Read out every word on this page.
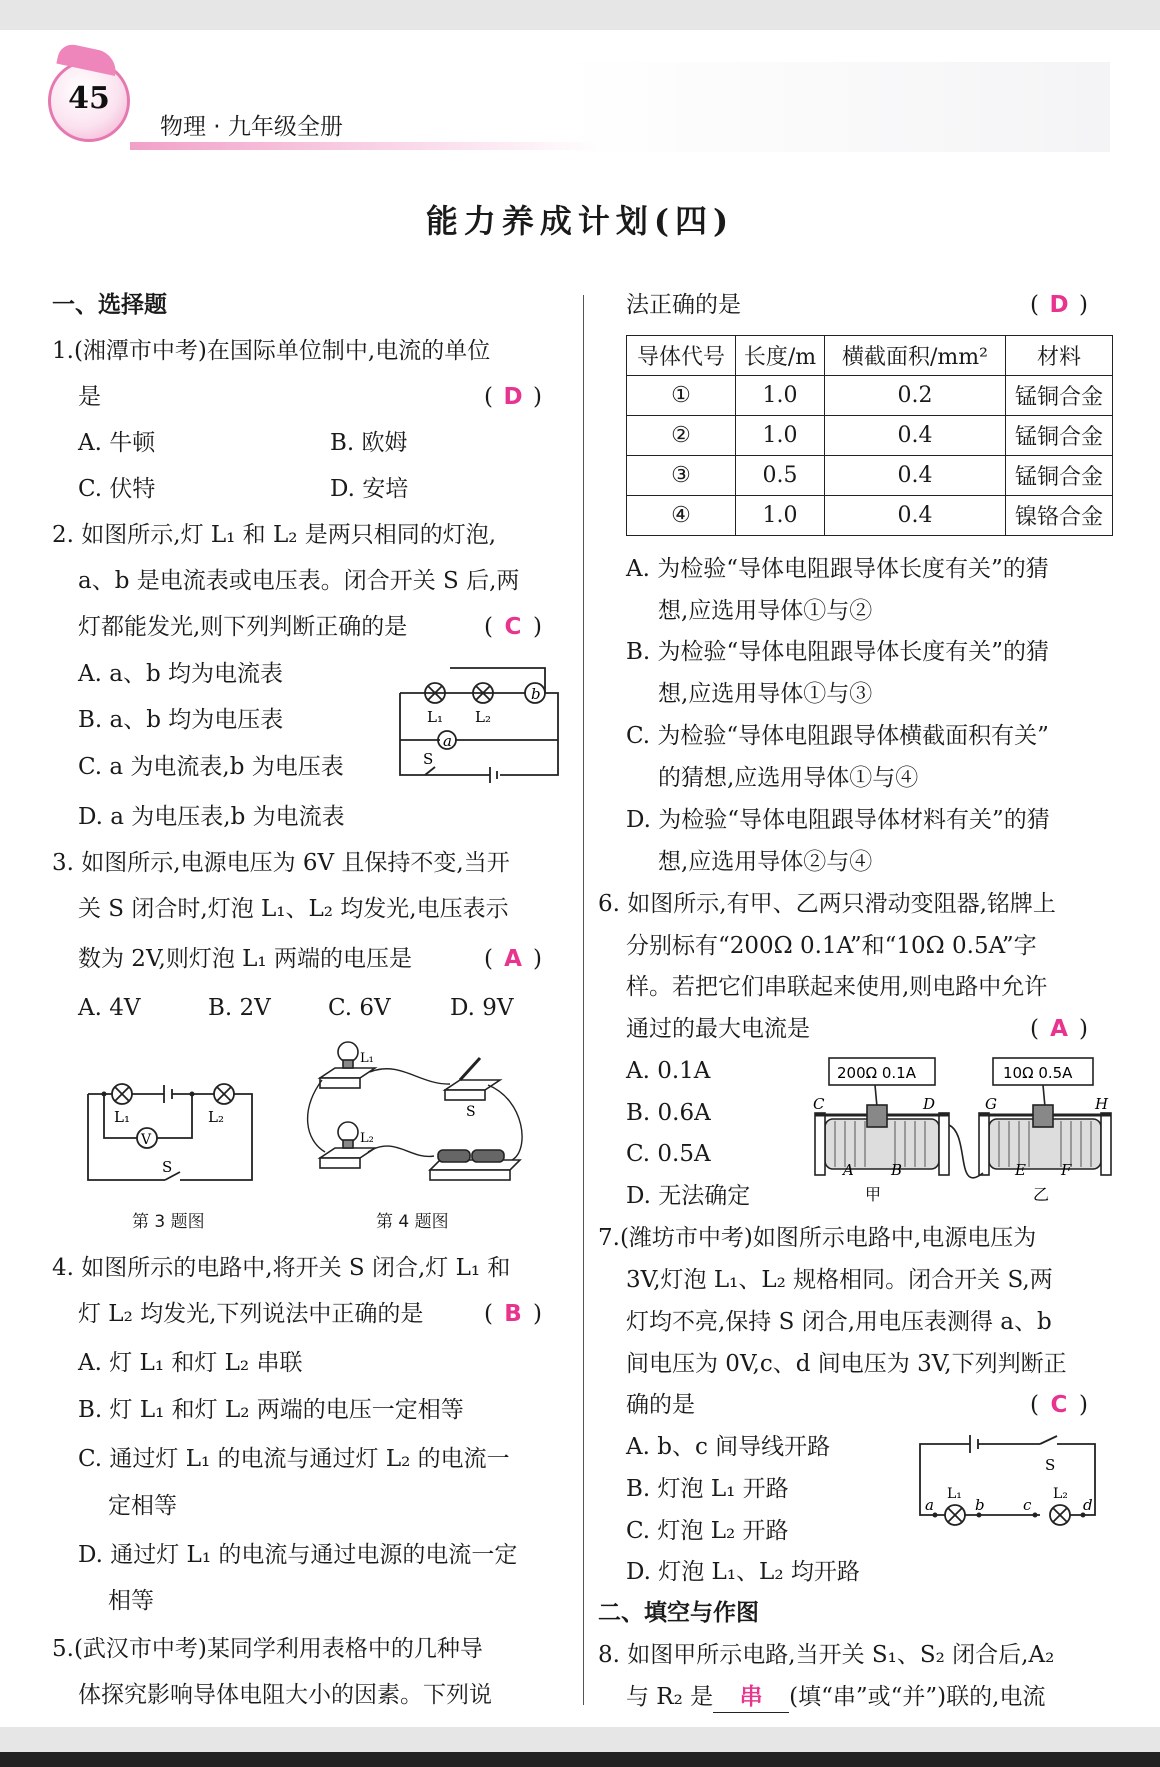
45
物理 · 九年级全册
能力养成计划(四)
一、选择题
1.(湘潭市中考)在国际单位制中,电流的单位
是	( D )
A. 牛顿	B. 欧姆
C. 伏特	D. 安培
2. 如图所示,灯 L₁ 和 L₂ 是两只相同的灯泡,
a、b 是电流表或电压表。闭合开关 S 后,两
灯都能发光,则下列判断正确的是	( C )
A. a、b 均为电流表
B. a、b 均为电压表
C. a 为电流表,b 为电压表
D. a 为电压表,b 为电流表
b
a
L₁ L₂
S
3. 如图所示,电源电压为 6V 且保持不变,当开
关 S 闭合时,灯泡 L₁、L₂ 均发光,电压表示
数为 2V,则灯泡 L₁ 两端的电压是	( A )
A. 4V	B. 2V C. 6V	D. 9V
V
L₁	L₂
S
L₁
L₂
S
第 3 题图	第 4 题图
4. 如图所示的电路中,将开关 S 闭合,灯 L₁ 和
灯 L₂ 均发光,下列说法中正确的是	( B )
A. 灯 L₁ 和灯 L₂ 串联
B. 灯 L₁ 和灯 L₂ 两端的电压一定相等
C. 通过灯 L₁ 的电流与通过灯 L₂ 的电流一
定相等
D. 通过灯 L₁ 的电流与通过电源的电流一定
相等
5.(武汉市中考)某同学利用表格中的几种导
体探究影响导体电阻大小的因素。下列说
法正确的是	( D )
导体代号	长度/m	横截面积/mm²	材料
①	1.0	0.2	锰铜合金
②	1.0	0.4	锰铜合金
③	0.5	0.4	锰铜合金
④	1.0	0.4	镍铬合金
A. 为检验“导体电阻跟导体长度有关”的猜
想,应选用导体①与②
B. 为检验“导体电阻跟导体长度有关”的猜
想,应选用导体①与③
C. 为检验“导体电阻跟导体横截面积有关”
的猜想,应选用导体①与④
D. 为检验“导体电阻跟导体材料有关”的猜
想,应选用导体②与④
6. 如图所示,有甲、乙两只滑动变阻器,铭牌上
分别标有“200Ω 0.1A”和“10Ω 0.5A”字
样。若把它们串联起来使用,则电路中允许
通过的最大电流是	( A )
A. 0.1A
B. 0.6A
C. 0.5A
D. 无法确定
200Ω 0.1A	10Ω 0.5A
C	D
A B
G	H
E F
甲	乙
7.(潍坊市中考)如图所示电路中,电源电压为
3V,灯泡 L₁、L₂ 规格相同。闭合开关 S,两
灯均不亮,保持 S 闭合,用电压表测得 a、b
间电压为 0V,c、d 间电压为 3V,下列判断正
确的是	( C )
A. b、c 间导线开路
B. 灯泡 L₁ 开路
C. 灯泡 L₂ 开路
D. 灯泡 L₁、L₂ 均开路
S
a	b	c	d
L₁	L₂
二、填空与作图
8. 如图甲所示电路,当开关 S₁、S₂ 闭合后,A₂
与 R₂ 是 串 (填“串”或“并”)联的,电流
